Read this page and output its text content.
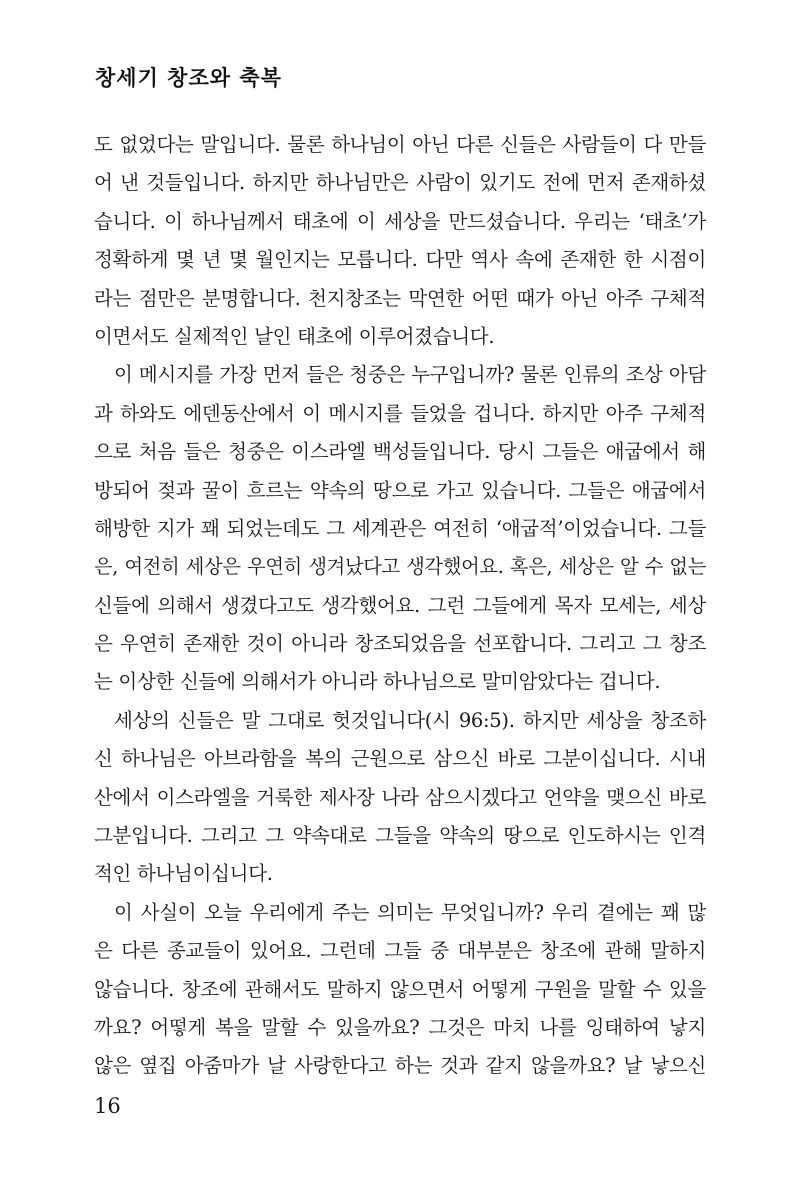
창세기 창조와 축복
도 없었다는 말입니다. 물론 하나님이 아닌 다른 신들은 사람들이 다 만들
어 낸 것들입니다. 하지만 하나님만은 사람이 있기도 전에 먼저 존재하셨
습니다. 이 하나님께서 태초에 이 세상을 만드셨습니다. 우리는 ‘태초’가
정확하게 몇 년 몇 월인지는 모릅니다. 다만 역사 속에 존재한 한 시점이
라는 점만은 분명합니다. 천지창조는 막연한 어떤 때가 아닌 아주 구체적
이면서도 실제적인 날인 태초에 이루어졌습니다.
이 메시지를 가장 먼저 들은 청중은 누구입니까? 물론 인류의 조상 아담
과 하와도 에덴동산에서 이 메시지를 들었을 겁니다. 하지만 아주 구체적
으로 처음 들은 청중은 이스라엘 백성들입니다. 당시 그들은 애굽에서 해
방되어 젖과 꿀이 흐르는 약속의 땅으로 가고 있습니다. 그들은 애굽에서
해방한 지가 꽤 되었는데도 그 세계관은 여전히 ‘애굽적’이었습니다. 그들
은, 여전히 세상은 우연히 생겨났다고 생각했어요. 혹은, 세상은 알 수 없는
신들에 의해서 생겼다고도 생각했어요. 그런 그들에게 목자 모세는, 세상
은 우연히 존재한 것이 아니라 창조되었음을 선포합니다. 그리고 그 창조
는 이상한 신들에 의해서가 아니라 하나님으로 말미암았다는 겁니다.
세상의 신들은 말 그대로 헛것입니다(시 96:5). 하지만 세상을 창조하
신 하나님은 아브라함을 복의 근원으로 삼으신 바로 그분이십니다. 시내
산에서 이스라엘을 거룩한 제사장 나라 삼으시겠다고 언약을 맺으신 바로
그분입니다. 그리고 그 약속대로 그들을 약속의 땅으로 인도하시는 인격
적인 하나님이십니다.
이 사실이 오늘 우리에게 주는 의미는 무엇입니까? 우리 곁에는 꽤 많
은 다른 종교들이 있어요. 그런데 그들 중 대부분은 창조에 관해 말하지
않습니다. 창조에 관해서도 말하지 않으면서 어떻게 구원을 말할 수 있을
까요? 어떻게 복을 말할 수 있을까요? 그것은 마치 나를 잉태하여 낳지
않은 옆집 아줌마가 날 사랑한다고 하는 것과 같지 않을까요? 날 낳으신
16
